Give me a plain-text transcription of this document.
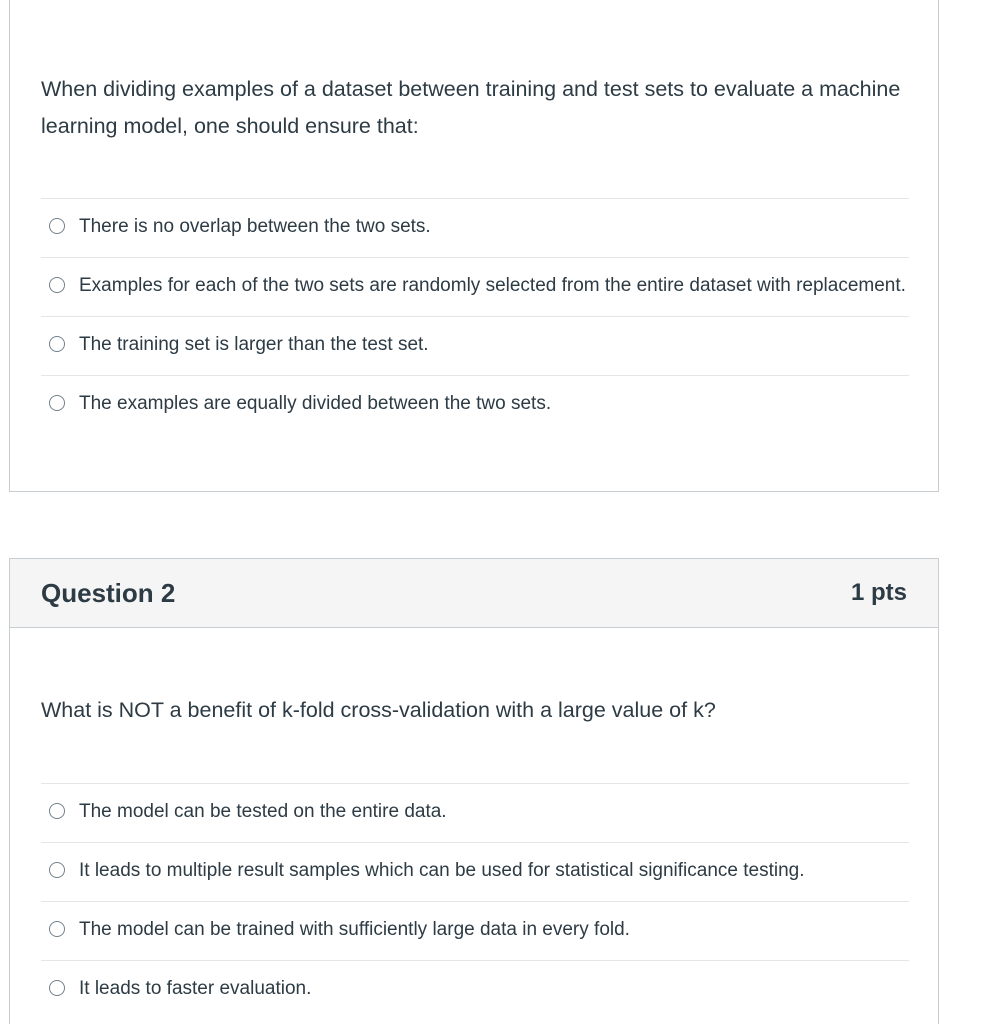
When dividing examples of a dataset between training and test sets to evaluate a machine learning model, one should ensure that:
There is no overlap between the two sets.
Examples for each of the two sets are randomly selected from the entire dataset with replacement.
The training set is larger than the test set.
The examples are equally divided between the two sets.
Question 2	1 pts
What is NOT a benefit of k-fold cross-validation with a large value of k?
The model can be tested on the entire data.
It leads to multiple result samples which can be used for statistical significance testing.
The model can be trained with sufficiently large data in every fold.
It leads to faster evaluation.
